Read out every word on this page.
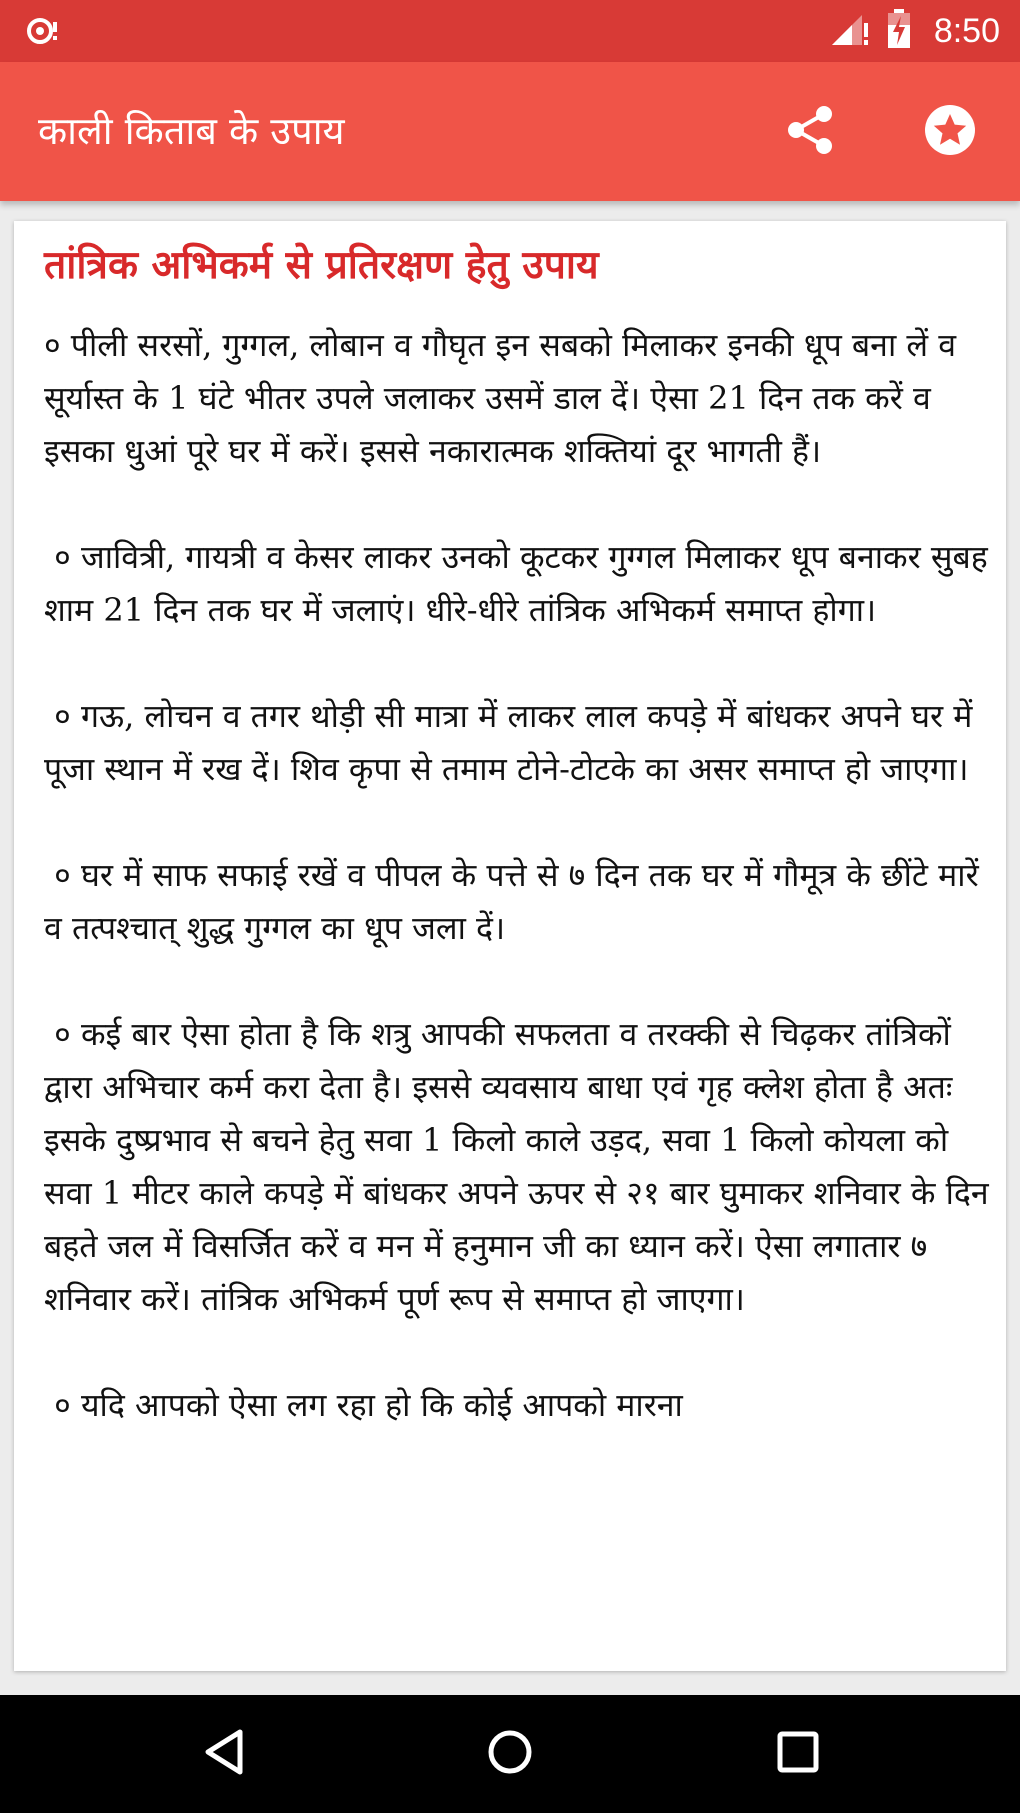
8:50
काली किताब के उपाय
तांत्रिक अभिकर्म से प्रतिरक्षण हेतु उपाय

० पीली सरसों, गुग्गल, लोबान व गौघृत इन सबको मिलाकर इनकी धूप बना लें व सूर्यास्त के 1 घंटे भीतर उपले जलाकर उसमें डाल दें। ऐसा 21 दिन तक करें व इसका धुआं पूरे घर में करें। इससे नकारात्मक शक्तियां दूर भागती हैं।

० जावित्री, गायत्री व केसर लाकर उनको कूटकर गुग्गल मिलाकर धूप बनाकर सुबह शाम 21 दिन तक घर में जलाएं। धीरे-धीरे तांत्रिक अभिकर्म समाप्त होगा।

० गऊ, लोचन व तगर थोड़ी सी मात्रा में लाकर लाल कपड़े में बांधकर अपने घर में पूजा स्थान में रख दें। शिव कृपा से तमाम टोने-टोटके का असर समाप्त हो जाएगा।

० घर में साफ सफाई रखें व पीपल के पत्ते से ७ दिन तक घर में गौमूत्र के छींटे मारें व तत्पश्चात् शुद्ध गुग्गल का धूप जला दें।

० कई बार ऐसा होता है कि शत्रु आपकी सफलता व तरक्की से चिढ़कर तांत्रिकों द्वारा अभिचार कर्म करा देता है। इससे व्यवसाय बाधा एवं गृह क्लेश होता है अतः इसके दुष्प्रभाव से बचने हेतु सवा 1 किलो काले उड़द, सवा 1 किलो कोयला को सवा 1 मीटर काले कपड़े में बांधकर अपने ऊपर से २१ बार घुमाकर शनिवार के दिन बहते जल में विसर्जित करें व मन में हनुमान जी का ध्यान करें। ऐसा लगातार ७ शनिवार करें। तांत्रिक अभिकर्म पूर्ण रूप से समाप्त हो जाएगा।

० यदि आपको ऐसा लग रहा हो कि कोई आपको मारना
